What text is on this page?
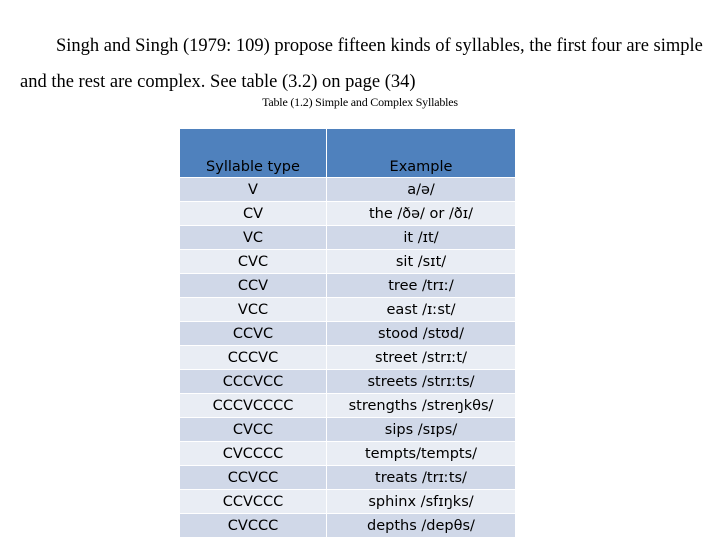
Singh and Singh (1979: 109) propose fifteen kinds of syllables, the first four are simple and the rest are complex. See table (3.2) on page (34)

Table (1.2) Simple and Complex Syllables
Syllable type	Example
V	a/ə/
CV	the /ðə/ or /ðɪ/
VC	it /ɪt/
CVC	sit /sɪt/
CCV	tree /trɪː/
VCC	east /ɪːst/
CCVC	stood /stʊd/
CCCVC	street /strɪːt/
CCCVCC	streets /strɪːts/
CCCVCCCC	strengths /streŋkθs/
CVCC	sips /sɪps/
CVCCCC	tempts/tempts/
CCVCC	treats /trɪːts/
CCVCCC	sphinx /sfɪŋks/
CVCCC	depths /depθs/
